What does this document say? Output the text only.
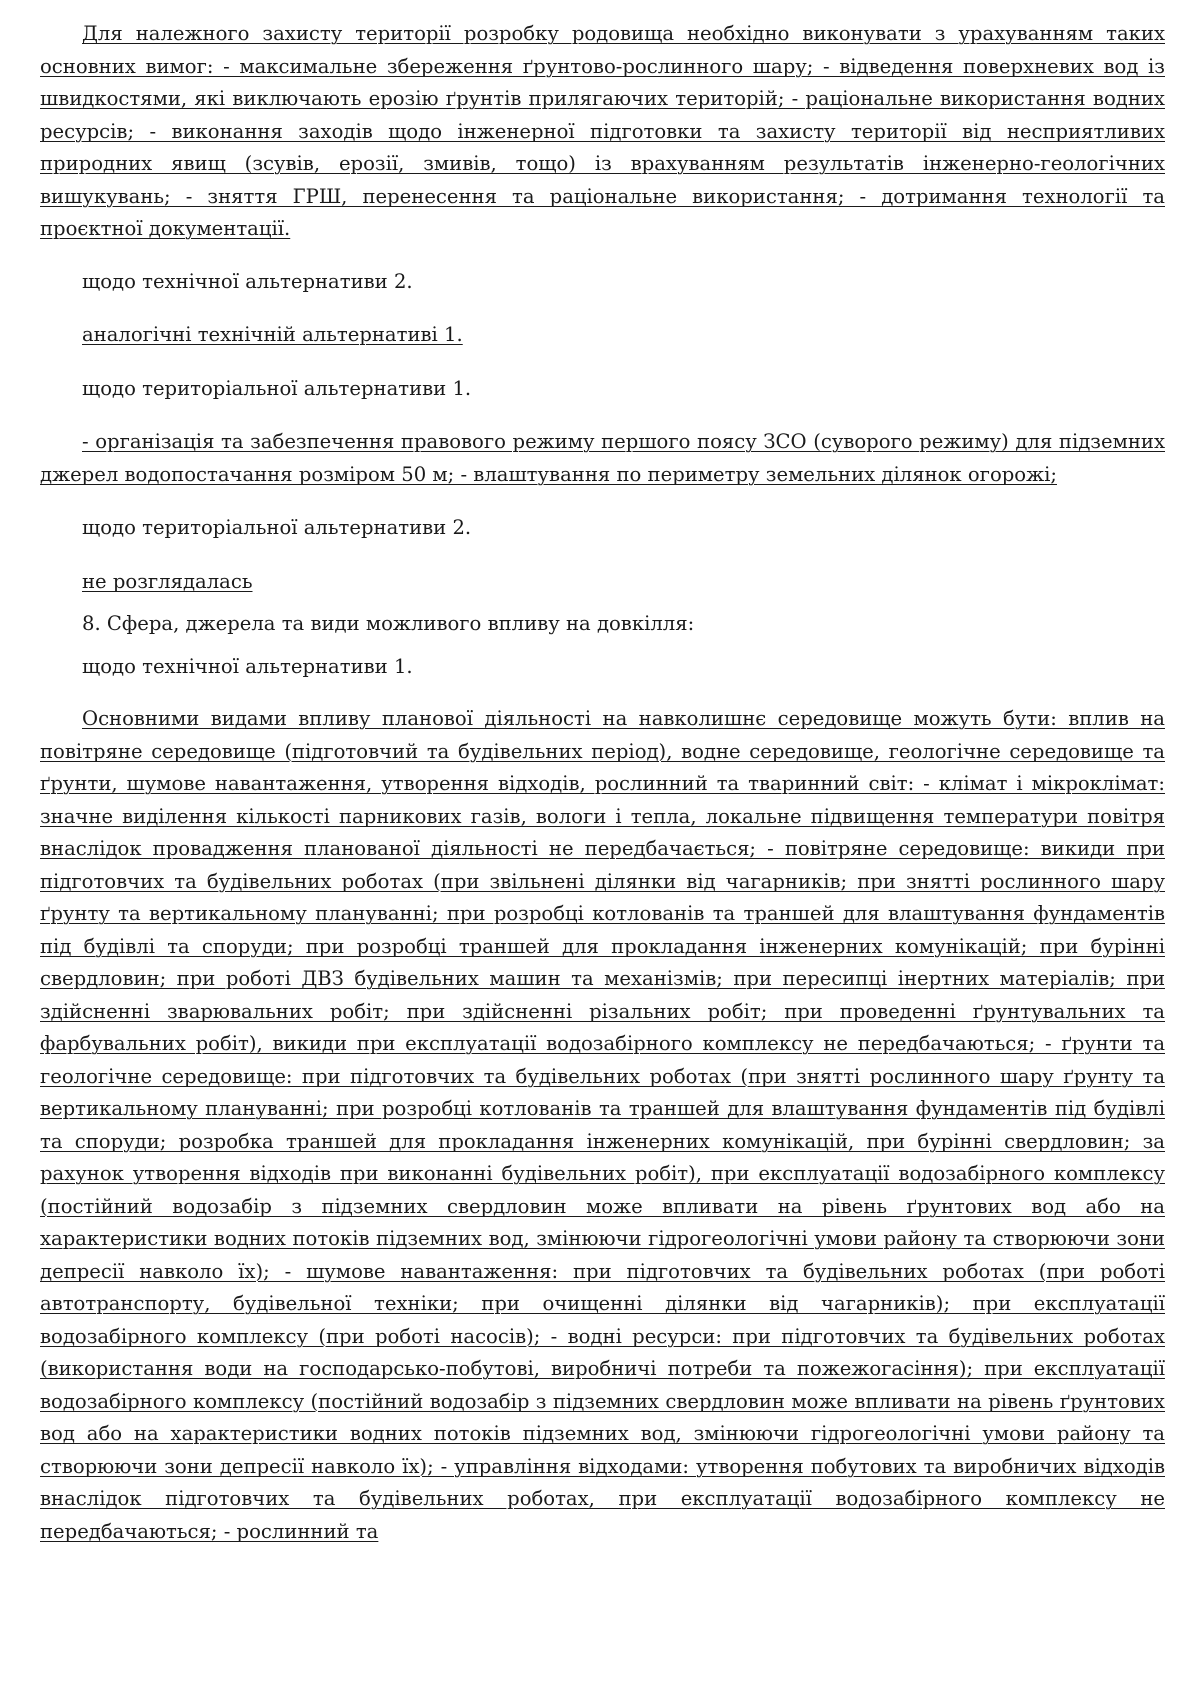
Для належного захисту території розробку родовища необхідно виконувати з урахуванням таких основних вимог: - максимальне збереження ґрунтово-рослинного шару; - відведення поверхневих вод із швидкостями, які виключають ерозію ґрунтів прилягаючих територій; - раціональне використання водних ресурсів; - виконання заходів щодо інженерної підготовки та захисту території від несприятливих природних явищ (зсувів, ерозії, змивів, тощо) із врахуванням результатів інженерно-геологічних вишукувань; - зняття ГРШ, перенесення та раціональне використання; - дотримання технології та проєктної документації.

щодо технічної альтернативи 2.

аналогічні технічній альтернативі 1.

щодо територіальної альтернативи 1.

- організація та забезпечення правового режиму першого поясу ЗСО (суворого режиму) для підземних джерел водопостачання розміром 50 м; - влаштування по периметру земельних ділянок огорожі;

щодо територіальної альтернативи 2.

не розглядалась

8. Сфера, джерела та види можливого впливу на довкілля:

щодо технічної альтернативи 1.

Основними видами впливу планової діяльності на навколишнє середовище можуть бути: вплив на повітряне середовище (підготовчий та будівельних період), водне середовище, геологічне середовище та ґрунти, шумове навантаження, утворення відходів, рослинний та тваринний світ: - клімат і мікроклімат: значне виділення кількості парникових газів, вологи і тепла, локальне підвищення температури повітря внаслідок провадження планованої діяльності не передбачається; - повітряне середовище: викиди при підготовчих та будівельних роботах (при звільнені ділянки від чагарників; при знятті рослинного шару ґрунту та вертикальному плануванні; при розробці котлованів та траншей для влаштування фундаментів під будівлі та споруди; при розробці траншей для прокладання інженерних комунікацій; при бурінні свердловин; при роботі ДВЗ будівельних машин та механізмів; при пересипці інертних матеріалів; при здійсненні зварювальних робіт; при здійсненні різальних робіт; при проведенні ґрунтувальних та фарбувальних робіт), викиди при експлуатації водозабірного комплексу не передбачаються; - ґрунти та геологічне середовище: при підготовчих та будівельних роботах (при знятті рослинного шару ґрунту та вертикальному плануванні; при розробці котлованів та траншей для влаштування фундаментів під будівлі та споруди; розробка траншей для прокладання інженерних комунікацій, при бурінні свердловин; за рахунок утворення відходів при виконанні будівельних робіт), при експлуатації водозабірного комплексу (постійний водозабір з підземних свердловин може впливати на рівень ґрунтових вод або на характеристики водних потоків підземних вод, змінюючи гідрогеологічні умови району та створюючи зони депресії навколо їх); - шумове навантаження: при підготовчих та будівельних роботах (при роботі автотранспорту, будівельної техніки; при очищенні ділянки від чагарників); при експлуатації водозабірного комплексу (при роботі насосів); - водні ресурси: при підготовчих та будівельних роботах (використання води на господарсько-побутові, виробничі потреби та пожежогасіння); при експлуатації водозабірного комплексу (постійний водозабір з підземних свердловин може впливати на рівень ґрунтових вод або на характеристики водних потоків підземних вод, змінюючи гідрогеологічні умови району та створюючи зони депресії навколо їх); - управління відходами: утворення побутових та виробничих відходів внаслідок підготовчих та будівельних роботах, при експлуатації водозабірного комплексу не передбачаються; - рослинний та
